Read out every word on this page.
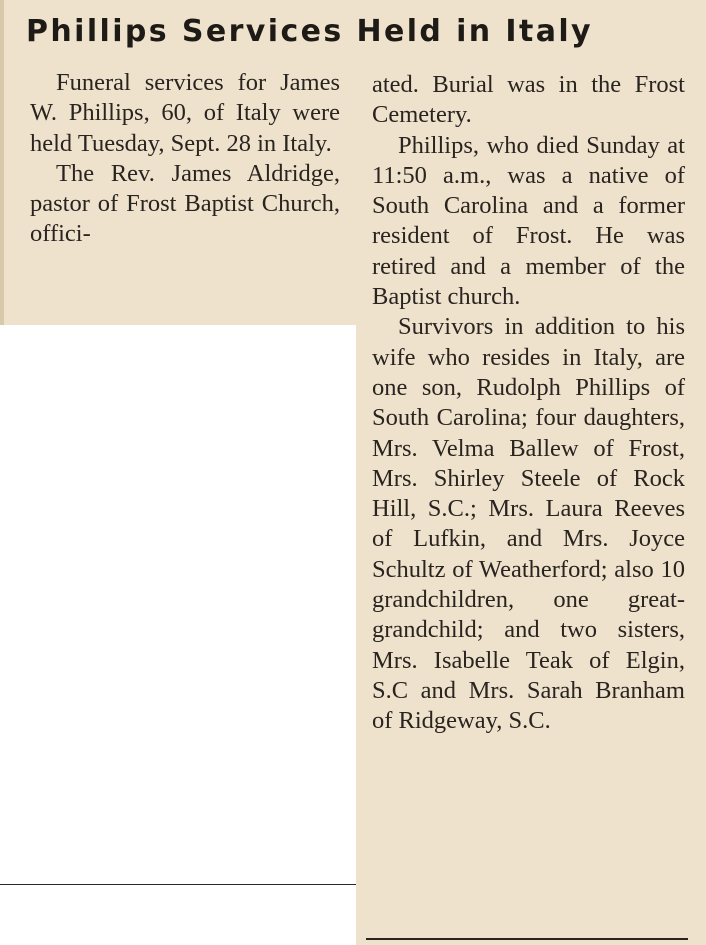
Phillips Services Held in Italy

Funeral services for James W. Phillips, 60, of Italy were held Tuesday, Sept. 28 in Italy.

The Rev. James Aldridge, pastor of Frost Baptist Church, offici-

ated. Burial was in the Frost Cemetery.

Phillips, who died Sunday at 11:50 a.m., was a native of South Carolina and a former resident of Frost. He was retired and a member of the Baptist church.

Survivors in addition to his wife who resides in Italy, are one son, Rudolph Phillips of South Carolina; four daughters, Mrs. Velma Ballew of Frost, Mrs. Shirley Steele of Rock Hill, S.C.; Mrs. Laura Reeves of Lufkin, and Mrs. Joyce Schultz of Weatherford; also 10 grandchildren, one great-grandchild; and two sisters, Mrs. Isabelle Teak of Elgin, S.C and Mrs. Sarah Branham of Ridgeway, S.C.
